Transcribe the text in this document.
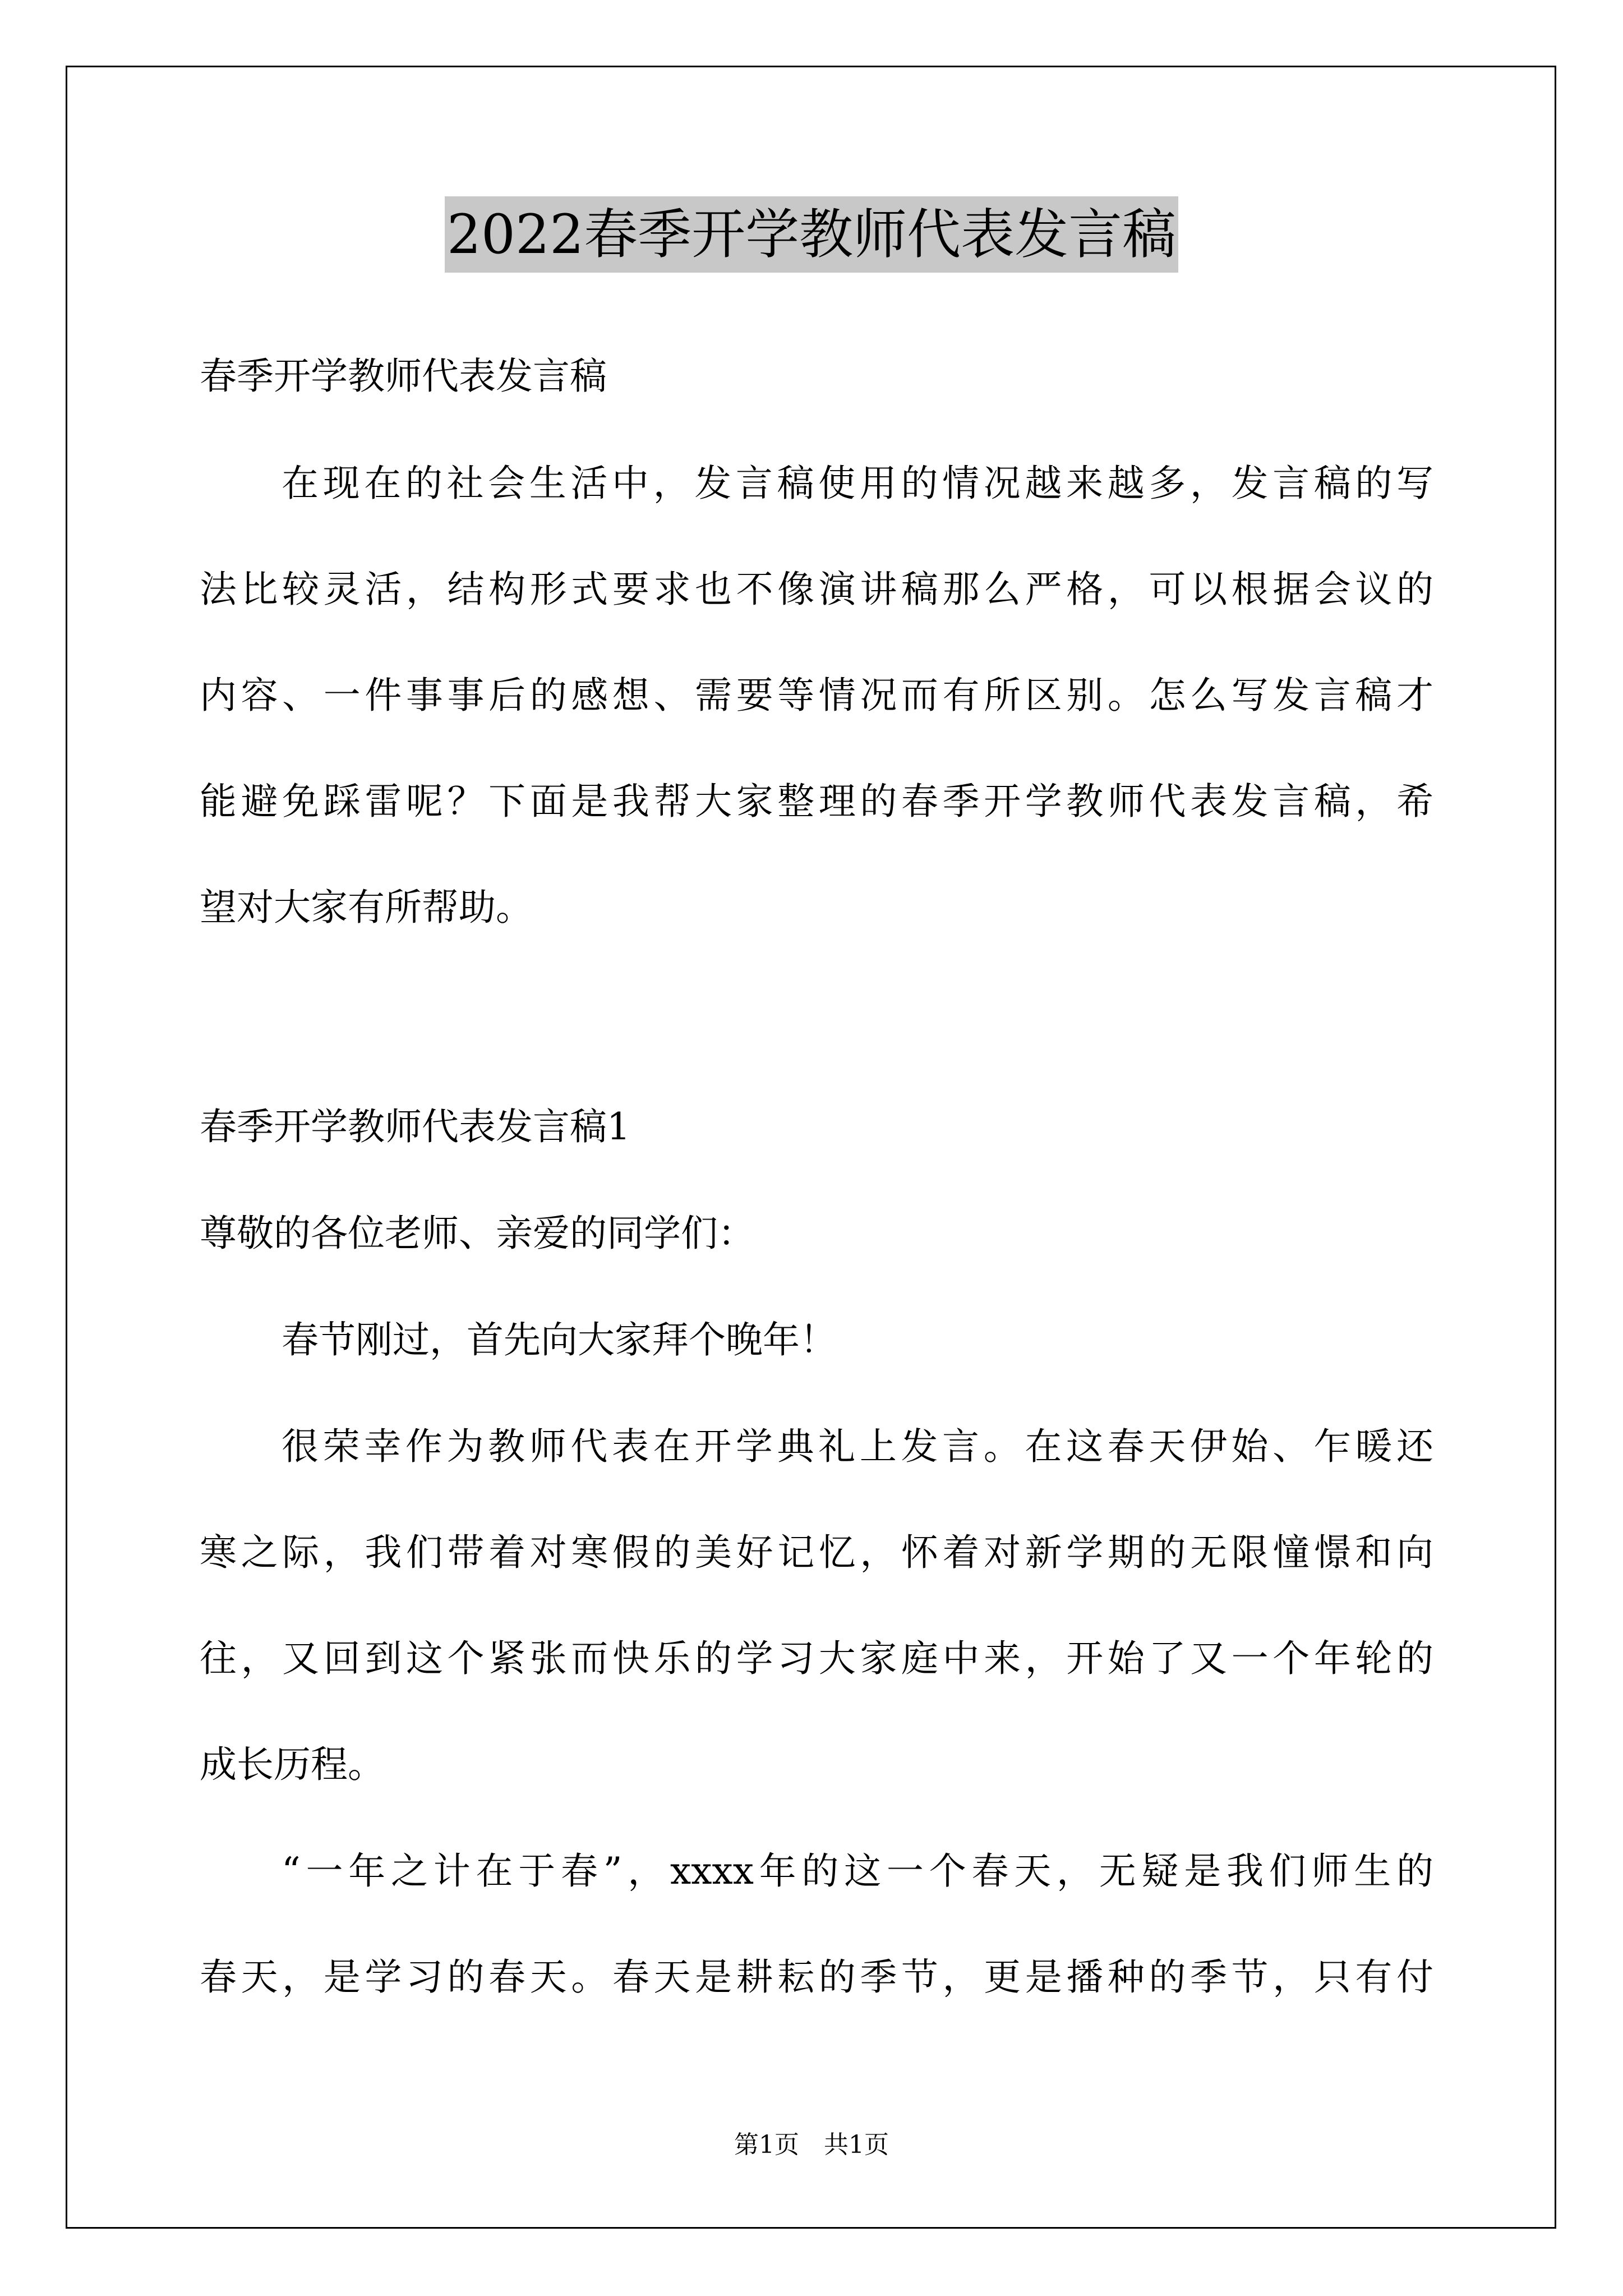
2022春季开学教师代表发言稿
春季开学教师代表发言稿
在现在的社会生活中，发言稿使用的情况越来越多，发言稿的写
法比较灵活，结构形式要求也不像演讲稿那么严格，可以根据会议的
内容、一件事事后的感想、需要等情况而有所区别。怎么写发言稿才
能避免踩雷呢？下面是我帮大家整理的春季开学教师代表发言稿，希
望对大家有所帮助。
春季开学教师代表发言稿1
尊敬的各位老师、亲爱的同学们：
春节刚过，首先向大家拜个晚年！
很荣幸作为教师代表在开学典礼上发言。在这春天伊始、乍暖还
寒之际，我们带着对寒假的美好记忆，怀着对新学期的无限憧憬和向
往，又回到这个紧张而快乐的学习大家庭中来，开始了又一个年轮的
成长历程。
“一年之计在于春”，xxxx年的这一个春天，无疑是我们师生的
春天，是学习的春天。春天是耕耘的季节，更是播种的季节，只有付
第1页　共1页
